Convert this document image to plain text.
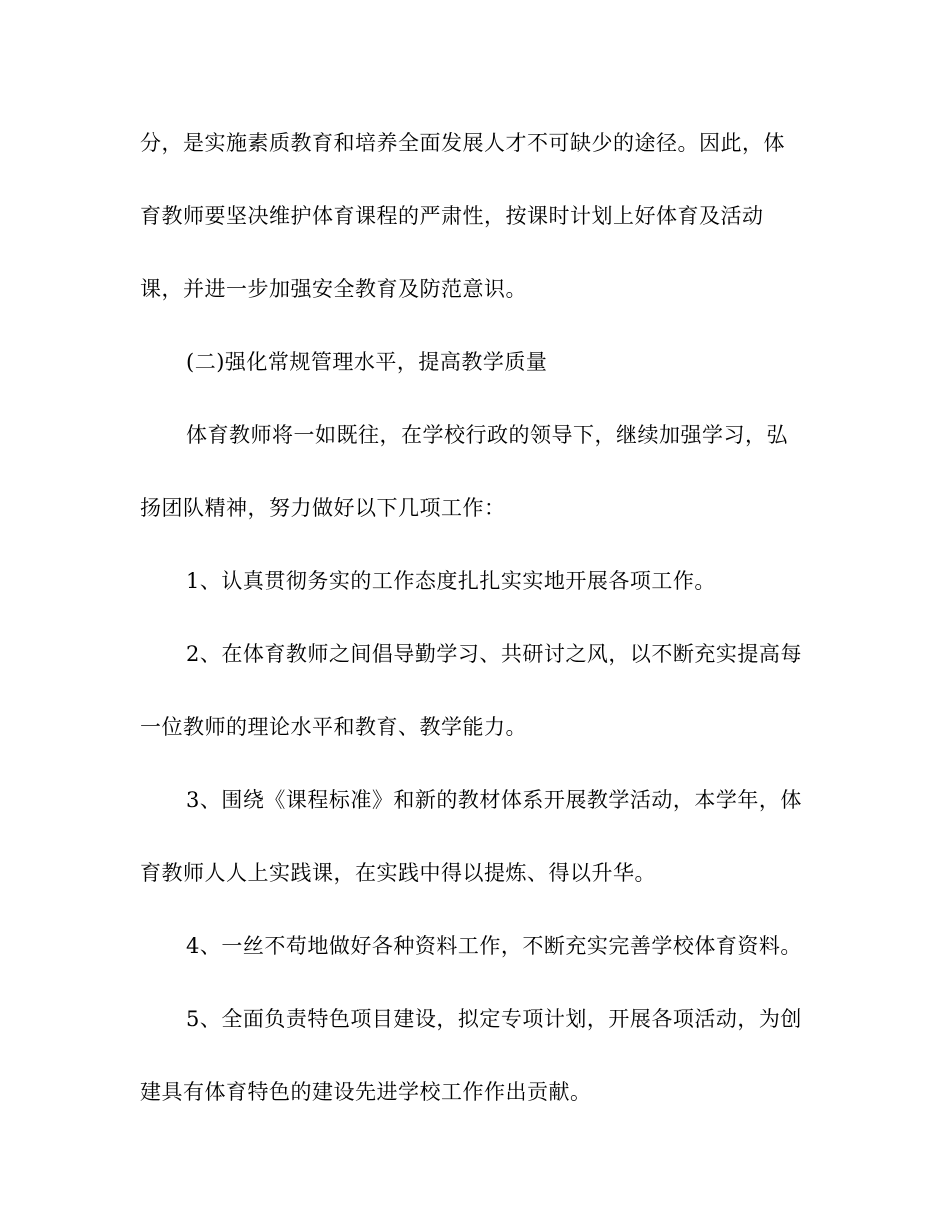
分，是实施素质教育和培养全面发展人才不可缺少的途径。因此，体
育教师要坚决维护体育课程的严肃性，按课时计划上好体育及活动
课，并进一步加强安全教育及防范意识。
(二)强化常规管理水平，提高教学质量
体育教师将一如既往，在学校行政的领导下，继续加强学习，弘
扬团队精神，努力做好以下几项工作：
1、认真贯彻务实的工作态度扎扎实实地开展各项工作。
2、在体育教师之间倡导勤学习、共研讨之风，以不断充实提高每
一位教师的理论水平和教育、教学能力。
3、围绕《课程标准》和新的教材体系开展教学活动，本学年，体
育教师人人上实践课，在实践中得以提炼、得以升华。
4、一丝不苟地做好各种资料工作，不断充实完善学校体育资料。
5、全面负责特色项目建设，拟定专项计划，开展各项活动，为创
建具有体育特色的建设先进学校工作作出贡献。
